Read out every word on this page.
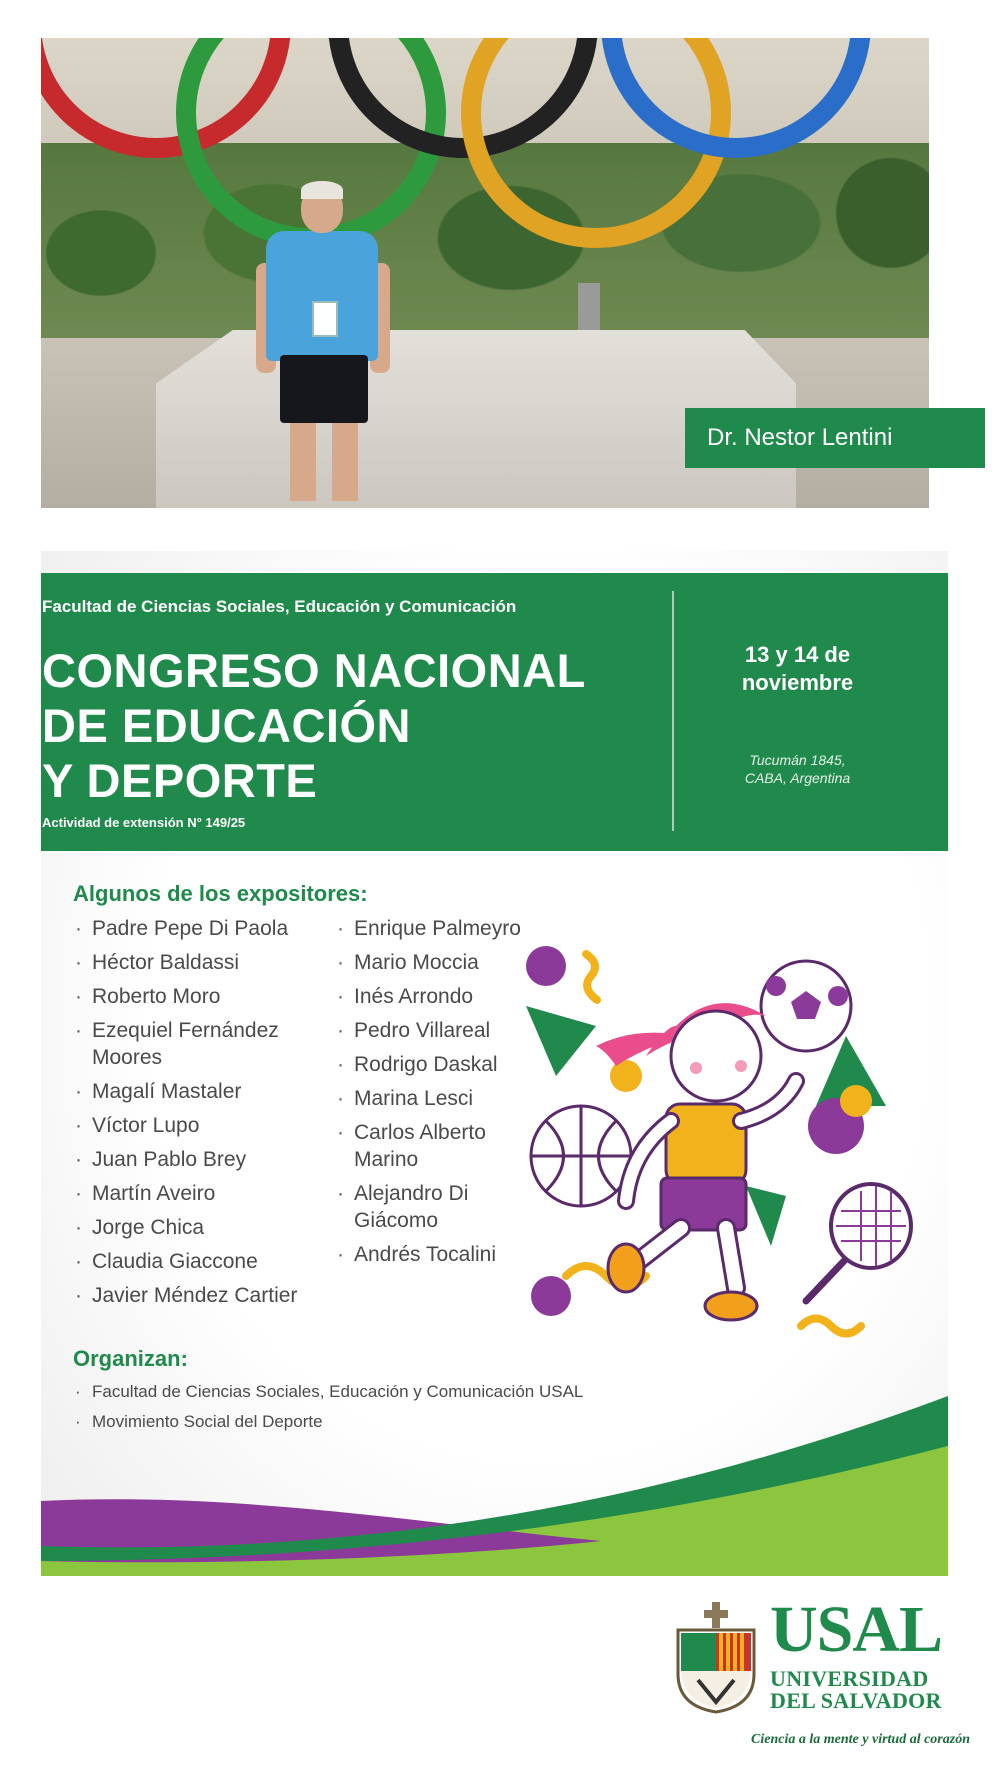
Dr. Nestor Lentini
Facultad de Ciencias Sociales, Educación y Comunicación
CONGRESO NACIONAL
DE EDUCACIÓN
Y DEPORTE
Actividad de extensión N° 149/25
13 y 14 de
noviembre
Tucumán 1845,
CABA, Argentina
Algunos de los expositores:
· Padre Pepe Di Paola
· Héctor Baldassi
· Roberto Moro
· Ezequiel Fernández Moores
· Magalí Mastaler
· Víctor Lupo
· Juan Pablo Brey
· Martín Aveiro
· Jorge Chica
· Claudia Giaccone
· Javier Méndez Cartier
· Enrique Palmeyro
· Mario Moccia
· Inés Arrondo
· Pedro Villareal
· Rodrigo Daskal
· Marina Lesci
· Carlos Alberto Marino
· Alejandro Di Giácomo
· Andrés Tocalini
Organizan:
· Facultad de Ciencias Sociales, Educación y Comunicación USAL
· Movimiento Social del Deporte
USAL
UNIVERSIDAD
DEL SALVADOR
Ciencia a la mente y virtud al corazón
